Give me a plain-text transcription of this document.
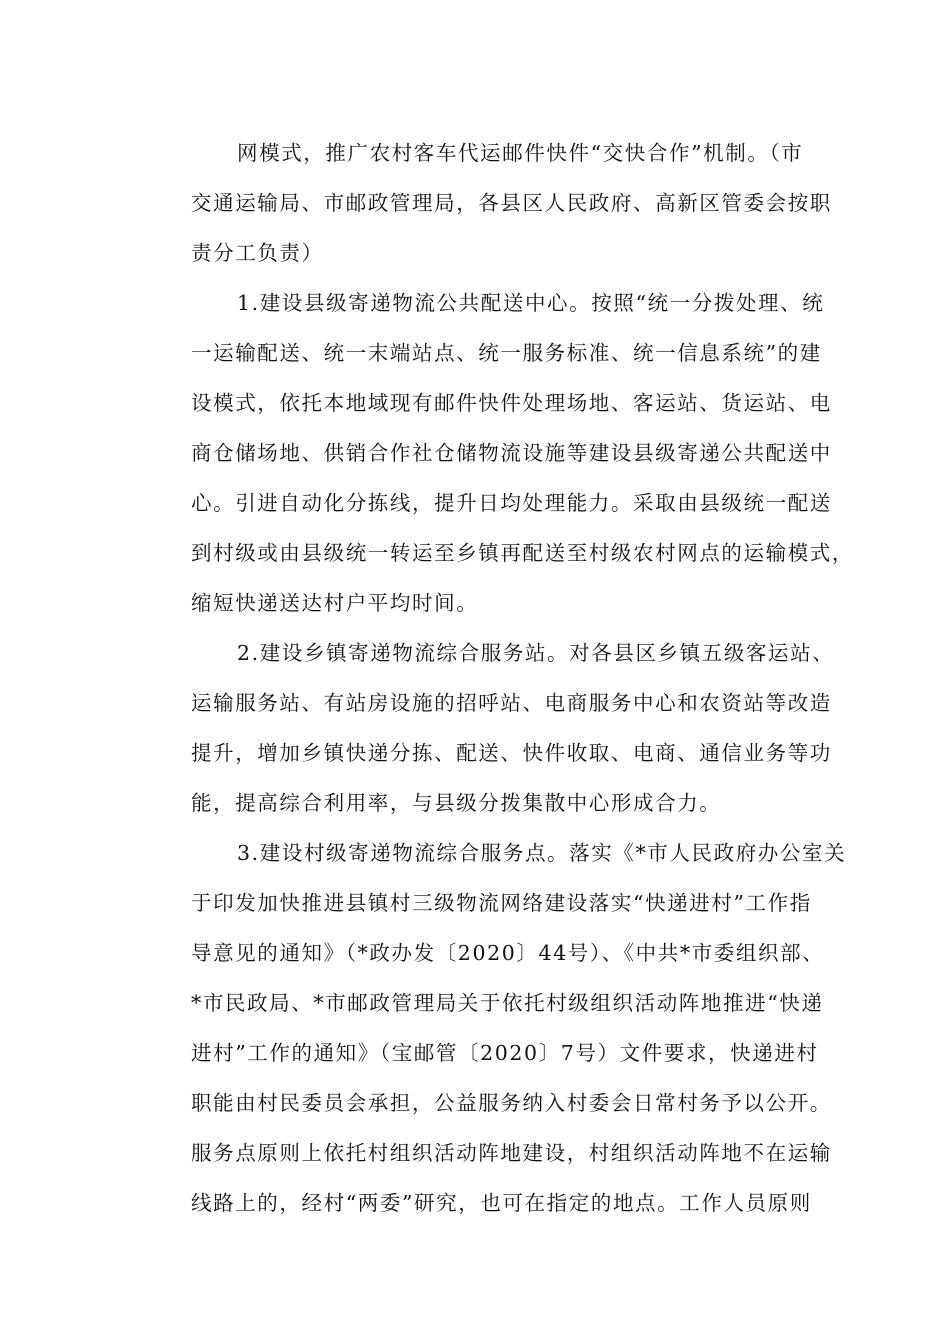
网模式，推广农村客车代运邮件快件“交快合作”机制。（市
交通运输局、市邮政管理局，各县区人民政府、高新区管委会按职
责分工负责）
1.建设县级寄递物流公共配送中心。按照“统一分拨处理、统
一运输配送、统一末端站点、统一服务标准、统一信息系统”的建
设模式，依托本地域现有邮件快件处理场地、客运站、货运站、电
商仓储场地、供销合作社仓储物流设施等建设县级寄递公共配送中
心。引进自动化分拣线，提升日均处理能力。采取由县级统一配送
到村级或由县级统一转运至乡镇再配送至村级农村网点的运输模式，
缩短快递送达村户平均时间。
2.建设乡镇寄递物流综合服务站。对各县区乡镇五级客运站、
运输服务站、有站房设施的招呼站、电商服务中心和农资站等改造
提升，增加乡镇快递分拣、配送、快件收取、电商、通信业务等功
能，提高综合利用率，与县级分拨集散中心形成合力。
3.建设村级寄递物流综合服务点。落实《*市人民政府办公室关
于印发加快推进县镇村三级物流网络建设落实“快递进村”工作指
导意见的通知》（*政办发〔2020〕44号）、《中共*市委组织部、
*市民政局、*市邮政管理局关于依托村级组织活动阵地推进“快递
进村”工作的通知》（宝邮管〔2020〕7号）文件要求，快递进村
职能由村民委员会承担，公益服务纳入村委会日常村务予以公开。
服务点原则上依托村组织活动阵地建设，村组织活动阵地不在运输
线路上的，经村“两委”研究，也可在指定的地点。工作人员原则
